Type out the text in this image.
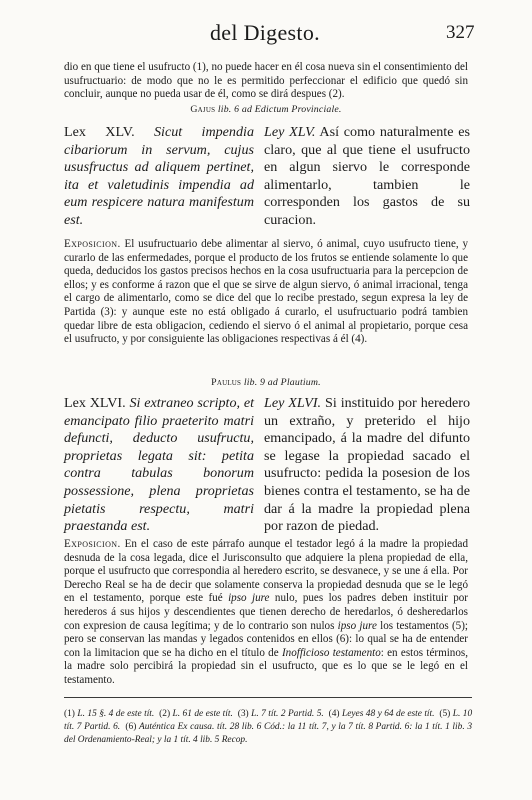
del Digesto.	327
dio en que tiene el usufructo (1), no puede hacer en él cosa nueva sin el consentimiento del usufructuario: de modo que no le es permitido perfeccionar el edificio que quedó sin concluir, aunque no pueda usar de él, como se dirá despues (2).
Gajus lib. 6 ad Edictum Provinciale.
Lex XLV. Sicut impendia cibariorum in servum, cujus ususfructus ad aliquem pertinet, ita et valetudinis impendia ad eum respicere natura manifestum est.
Ley XLV. Así como naturalmente es claro, que al que tiene el usufructo en algun siervo le corresponde alimentarlo, tambien le corresponden los gastos de su curacion.
Exposicion. El usufructuario debe alimentar al siervo, ó animal, cuyo usufructo tiene, y curarlo de las enfermedades, porque el producto de los frutos se entiende solamente lo que queda, deducidos los gastos precisos hechos en la cosa usufructuaria para la percepcion de ellos; y es conforme á razon que el que se sirve de algun siervo, ó animal irracional, tenga el cargo de alimentarlo, como se dice del que lo recibe prestado, segun expresa la ley de Partida (3): y aunque este no está obligado á curarlo, el usufructuario podrá tambien quedar libre de esta obligacion, cediendo el siervo ó el animal al propietario, porque cesa el usufructo, y por consiguiente las obligaciones respectivas á él (4).
Paulus lib. 9 ad Plautium.
Lex XLVI. Si extraneo scripto, et emancipato filio praeterito matri defuncti, deducto usufructu, proprietas legata sit: petita contra tabulas bonorum possessione, plena proprietas pietatis respectu, matri praestanda est.
Ley XLVI. Si instituido por heredero un extraño, y preterido el hijo emancipado, á la madre del difunto se legase la propiedad sacado el usufructo: pedida la posesion de los bienes contra el testamento, se ha de dar á la madre la propiedad plena por razon de piedad.
Exposicion. En el caso de este párrafo aunque el testador legó á la madre la propiedad desnuda de la cosa legada, dice el Jurisconsulto que adquiere la plena propiedad de ella, porque el usufructo que correspondia al heredero escrito, se desvanece, y se une á ella. Por Derecho Real se ha de decir que solamente conserva la propiedad desnuda que se le legó en el testamento, porque este fué ipso jure nulo, pues los padres deben instituir por herederos á sus hijos y descendientes que tienen derecho de heredarlos, ó desheredarlos con expresion de causa legítima; y de lo contrario son nulos ipso jure los testamentos (5); pero se conservan las mandas y legados contenidos en ellos (6): lo qual se ha de entender con la limitacion que se ha dicho en el título de Inofficioso testamento: en estos términos, la madre solo percibirá la propiedad sin el usufructo, que es lo que se le legó en el testamento.
(1) L. 15 §. 4 de este tít. (2) L. 61 de este tít. (3) L. 7 tít. 2 Partid. 5. (4) Leyes 48 y 64 de este tít. (5) L. 10 tít. 7 Partid. 6. (6) Auténtica Ex causa. tít. 28 lib. 6 Cód.: la 11 tít. 7, y la 7 tít. 8 Partid. 6: la 1 tít. 1 lib. 3 del Ordenamiento-Real; y la 1 tít. 4 lib. 5 Recop.
